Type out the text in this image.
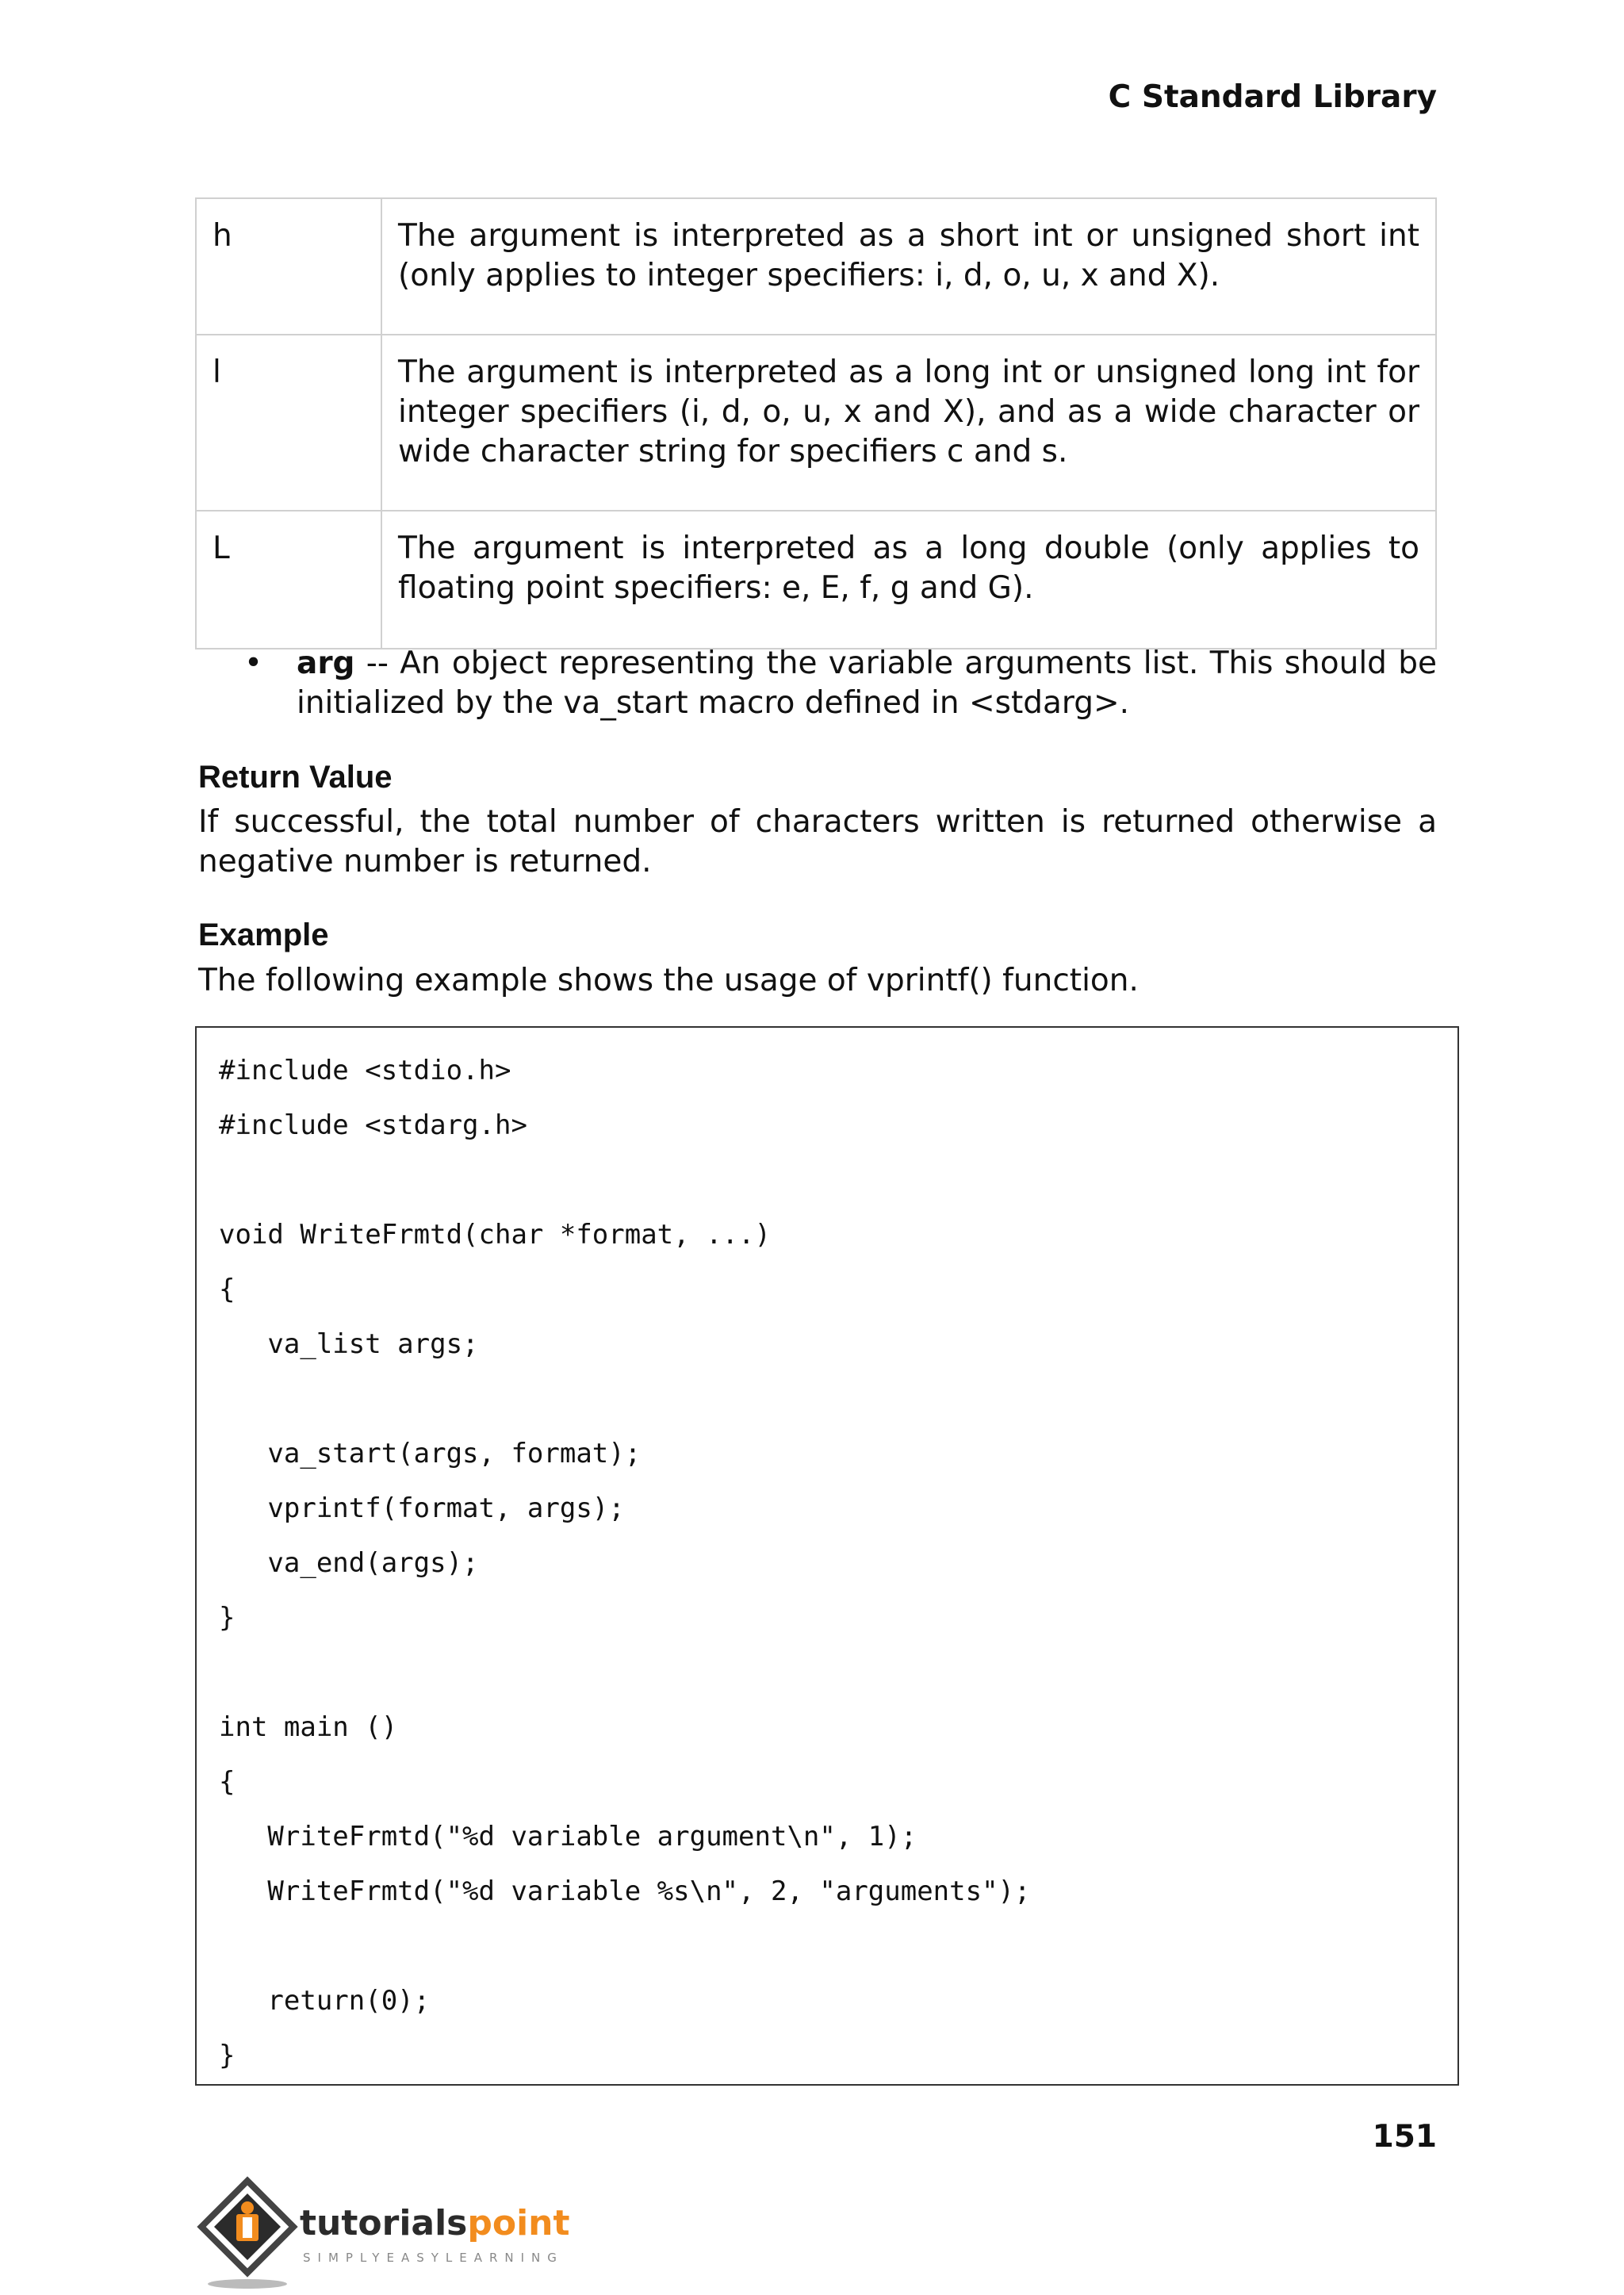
C Standard Library
h	The argument is interpreted as a short int or unsigned short int (only applies to integer specifiers: i, d, o, u, x and X).
l	The argument is interpreted as a long int or unsigned long int for integer specifiers (i, d, o, u, x and X), and as a wide character or wide character string for specifiers c and s.
L	The argument is interpreted as a long double (only applies to floating point specifiers: e, E, f, g and G).
• arg -- An object representing the variable arguments list. This should be initialized by the va_start macro defined in <stdarg>.
Return Value

If successful, the total number of characters written is returned otherwise a negative number is returned.

Example

The following example shows the usage of vprintf() function.

#include <stdio.h>
#include <stdarg.h>

void WriteFrmtd(char *format, ...)
{
va_list args;

va_start(args, format);
vprintf(format, args);
va_end(args);
}

int main ()
{
WriteFrmtd("%d variable argument\n", 1);
WriteFrmtd("%d variable %s\n", 2, "arguments");

return(0);
}
151
tutorialspoint
SIMPLYEASYLEARNING
